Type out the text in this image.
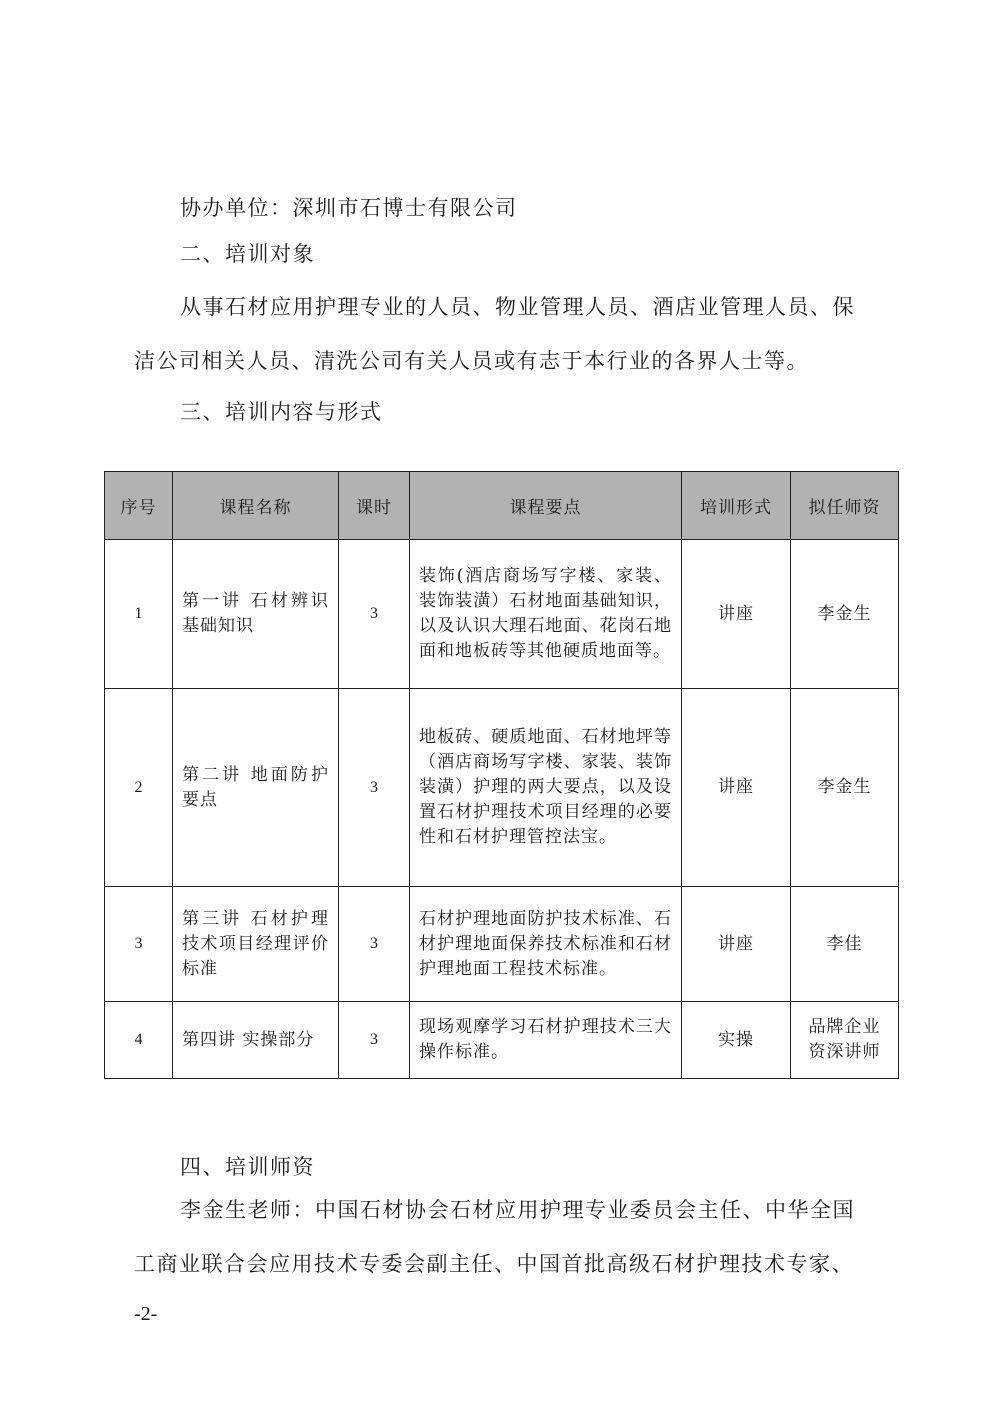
协办单位：深圳市石博士有限公司
二、培训对象
从事石材应用护理专业的人员、物业管理人员、酒店业管理人员、保
洁公司相关人员、清洗公司有关人员或有志于本行业的各界人士等。
三、培训内容与形式
序号	课程名称	课时	课程要点	培训形式	拟任师资
1	第一讲 石材辨识基础知识	3	装饰(酒店商场写字楼、家装、装饰装潢）石材地面基础知识，以及认识大理石地面、花岗石地面和地板砖等其他硬质地面等。	讲座	李金生
2	第二讲 地面防护要点	3	地板砖、硬质地面、石材地坪等（酒店商场写字楼、家装、装饰装潢）护理的两大要点，以及设置石材护理技术项目经理的必要性和石材护理管控法宝。	讲座	李金生
3	第三讲 石材护理技术项目经理评价标准	3	石材护理地面防护技术标准、石材护理地面保养技术标准和石材护理地面工程技术标准。	讲座	李佳
4	第四讲 实操部分	3	现场观摩学习石材护理技术三大操作标准。	实操	品牌企业资深讲师
四、培训师资
李金生老师：中国石材协会石材应用护理专业委员会主任、中华全国
工商业联合会应用技术专委会副主任、中国首批高级石材护理技术专家、
-2-
